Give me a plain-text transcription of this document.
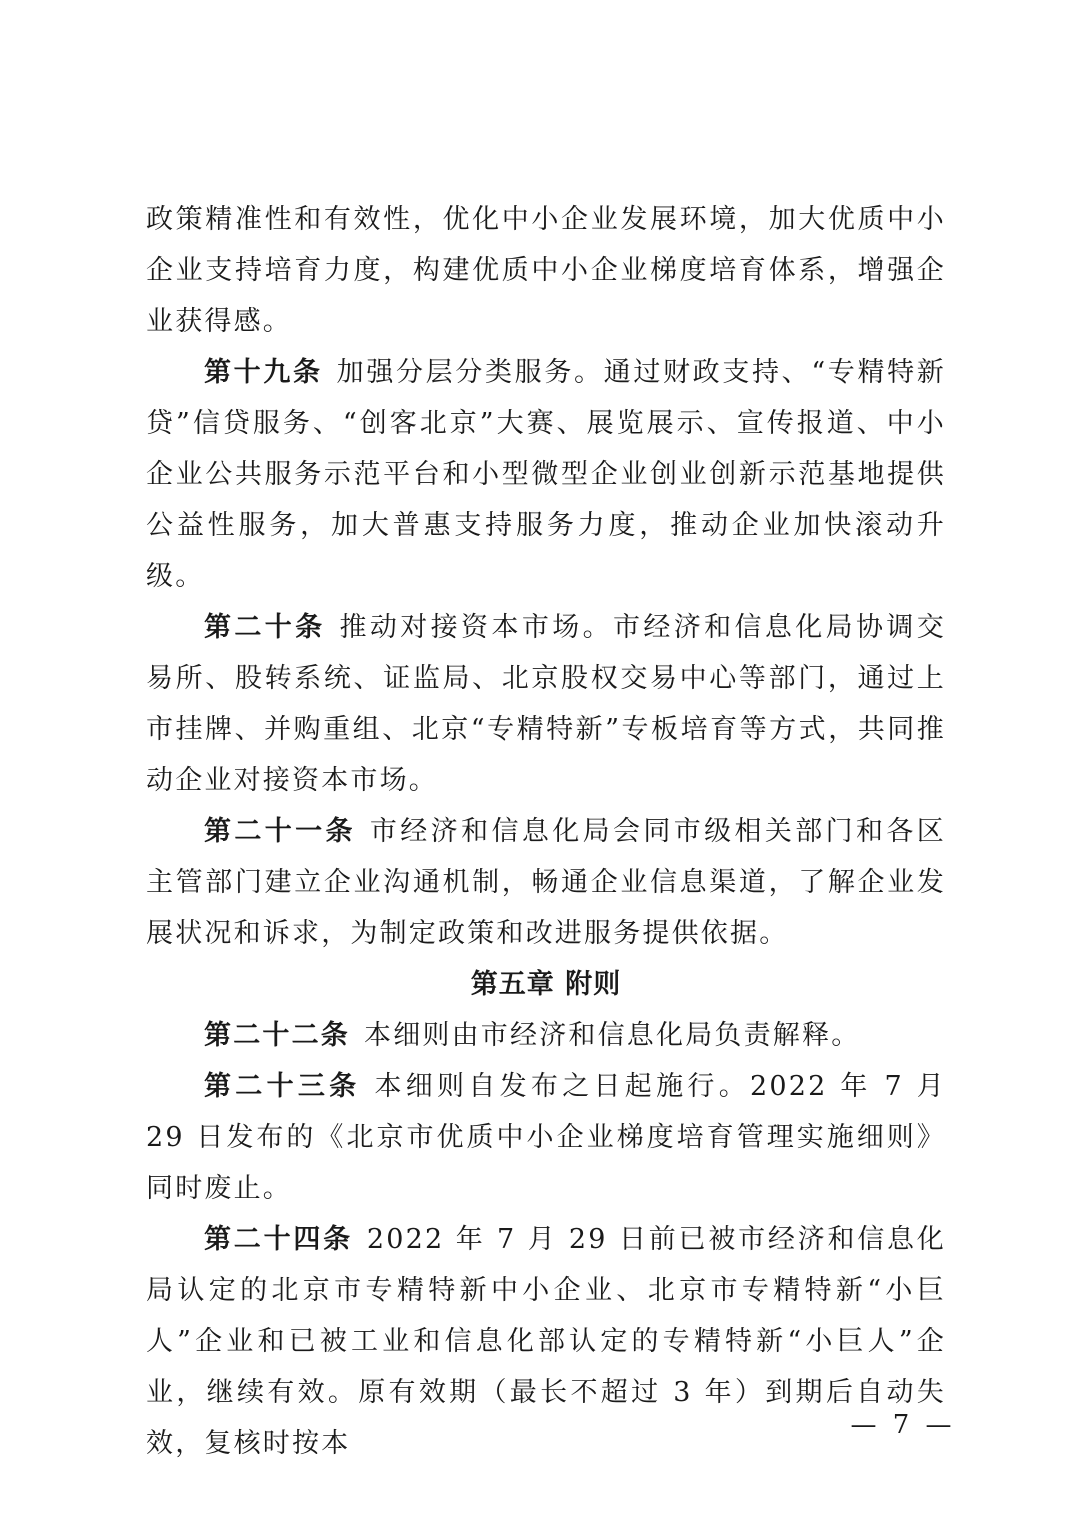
政策精准性和有效性，优化中小企业发展环境，加大优质中小企业支持培育力度，构建优质中小企业梯度培育体系，增强企业获得感。

第十九条 加强分层分类服务。通过财政支持、“专精特新贷”信贷服务、“创客北京”大赛、展览展示、宣传报道、中小企业公共服务示范平台和小型微型企业创业创新示范基地提供公益性服务，加大普惠支持服务力度，推动企业加快滚动升级。

第二十条 推动对接资本市场。市经济和信息化局协调交易所、股转系统、证监局、北京股权交易中心等部门，通过上市挂牌、并购重组、北京“专精特新”专板培育等方式，共同推动企业对接资本市场。

第二十一条 市经济和信息化局会同市级相关部门和各区主管部门建立企业沟通机制，畅通企业信息渠道，了解企业发展状况和诉求，为制定政策和改进服务提供依据。

第五章 附则

第二十二条 本细则由市经济和信息化局负责解释。

第二十三条 本细则自发布之日起施行。2022 年 7 月 29 日发布的《北京市优质中小企业梯度培育管理实施细则》同时废止。

第二十四条 2022 年 7 月 29 日前已被市经济和信息化局认定的北京市专精特新中小企业、北京市专精特新“小巨人”企业和已被工业和信息化部认定的专精特新“小巨人”企业，继续有效。原有效期（最长不超过 3 年）到期后自动失效，复核时按本

— 7 —
